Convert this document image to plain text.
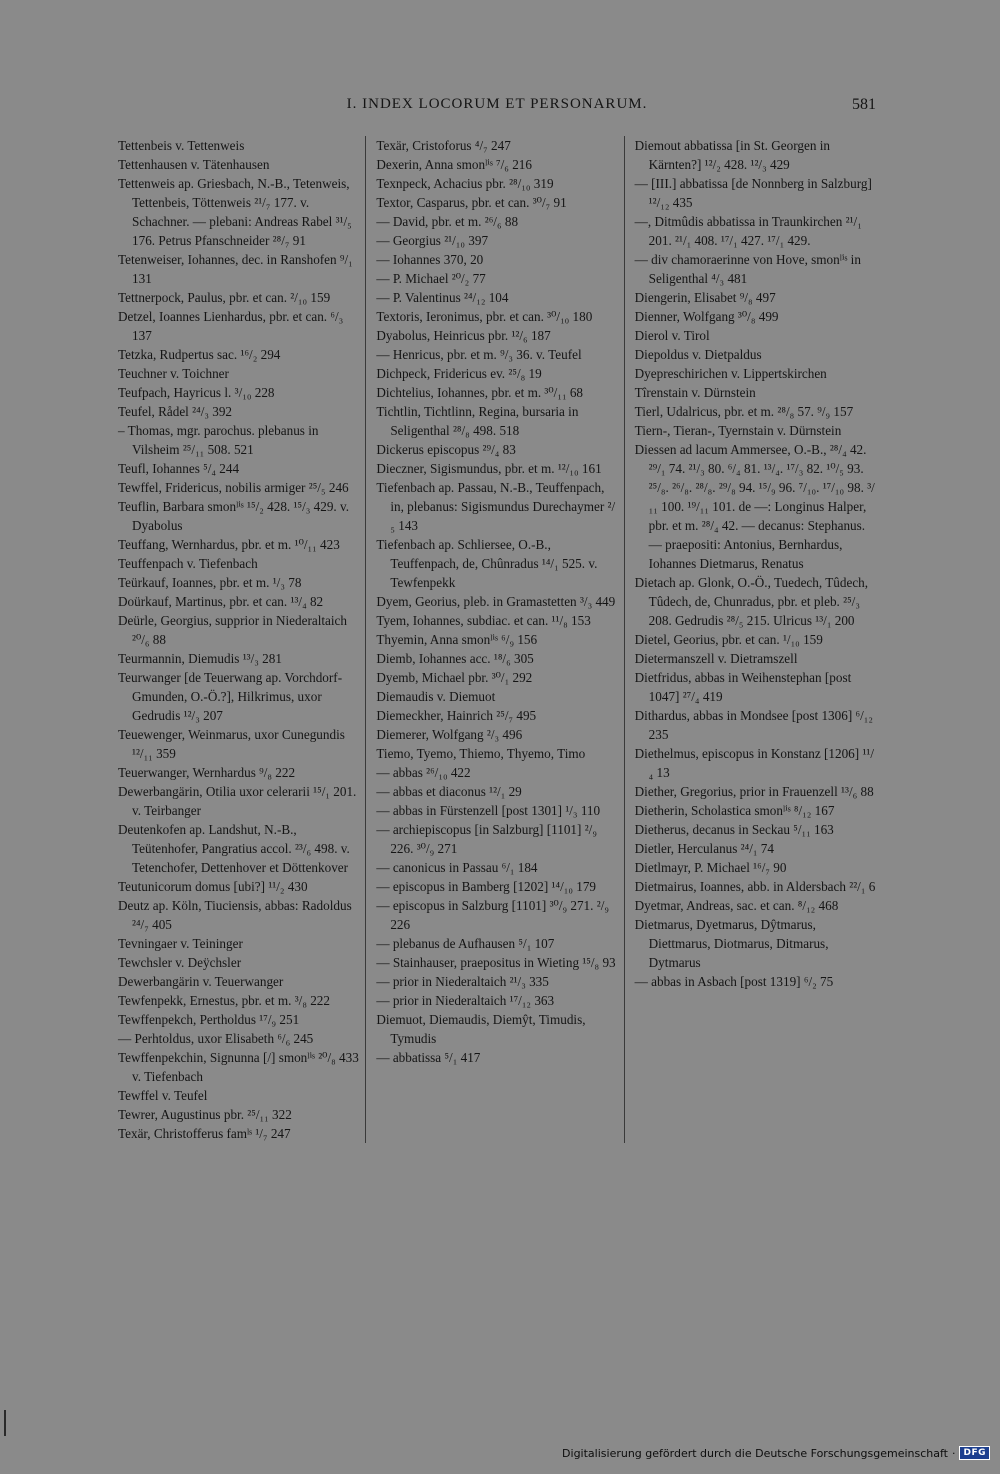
I. INDEX LOCORUM ET PERSONARUM.	581

Tettenbeis v. Tettenweis

Tettenhausen v. Tätenhausen

Tettenweis ap. Griesbach, N.-B., Tetenweis, Tettenbeis, Töttenweis ²¹/₇ 177. v. Schachner. — plebani: Andreas Rabel ³¹/₅ 176. Petrus Pfanschneider ²⁸/₇ 91

Tetenweiser, Iohannes, dec. in Ranshofen ⁹/₁ 131

Tettnerpock, Paulus, pbr. et can. ²/₁₀ 159

Detzel, Ioannes Lienhardus, pbr. et can. ⁶/₃ 137

Tetzka, Rudpertus sac. ¹⁶/₂ 294

Teuchner v. Toichner

Teufpach, Hayricus l. ³/₁₀ 228

Teufel, Rådel ²⁴/₃ 392

– Thomas, mgr. parochus. plebanus in Vilsheim ²⁵/₁₁ 508. 521

Teufl, Iohannes ⁵/₄ 244

Tewffel, Fridericus, nobilis armiger ²⁵/₅ 246

Teuflin, Barbara smonˡⁱˢ ¹⁵/₂ 428. ¹⁵/₃ 429. v. Dyabolus

Teuffang, Wernhardus, pbr. et m. ¹⁰/₁₁ 423

Teuffenpach v. Tiefenbach

Teürkauf, Ioannes, pbr. et m. ¹/₃ 78

Doürkauf, Martinus, pbr. et can. ¹³/₄ 82

Deürle, Georgius, supprior in Niederaltaich ²⁰/₆ 88

Teurmannin, Diemudis ¹³/₃ 281

Teurwanger [de Teuerwang ap. Vorchdorf-Gmunden, O.-Ö.?], Hilkrimus, uxor Gedrudis ¹²/₃ 207

Teuewenger, Weinmarus, uxor Cunegundis ¹²/₁₁ 359

Teuerwanger, Wernhardus ⁹/₈ 222

Dewerbangärin, Otilia uxor celerarii ¹⁵/₁ 201. v. Teirbanger

Deutenkofen ap. Landshut, N.-B., Teütenhofer, Pangratius accol. ²³/₆ 498. v. Tetenchofer, Dettenhover et Döttenkover

Teutunicorum domus [ubi?] ¹¹/₂ 430

Deutz ap. Köln, Tiuciensis, abbas: Radoldus ²⁴/₇ 405

Tevningaer v. Teininger

Tewchsler v. Deÿchsler

Dewerbangärin v. Teuerwanger

Tewfenpekk, Ernestus, pbr. et m. ³/₈ 222

Tewffenpekch, Pertholdus ¹⁷/₉ 251

— Perhtoldus, uxor Elisabeth ⁶/₆ 245

Tewffenpekchin, Signunna [/] smonˡⁱˢ ²⁰/₈ 433 v. Tiefenbach

Tewffel v. Teufel

Tewrer, Augustinus pbr. ²⁵/₁₁ 322

Texär, Christofferus famˡˢ ¹/₇ 247

Texär, Cristoforus ⁴/₇ 247

Dexerin, Anna smonˡⁱˢ ⁷/₆ 216

Texnpeck, Achacius pbr. ²⁸/₁₀ 319

Textor, Casparus, pbr. et can. ³⁰/₇ 91

— David, pbr. et m. ²⁶/₆ 88

— Georgius ²¹/₁₀ 397

— Iohannes 370, 20

— P. Michael ²⁰/₂ 77

— P. Valentinus ²⁴/₁₂ 104

Textoris, Ieronimus, pbr. et can. ³⁰/₁₀ 180

Dyabolus, Heinricus pbr. ¹²/₆ 187

— Henricus, pbr. et m. ⁹/₃ 36. v. Teufel

Dichpeck, Fridericus ev. ²⁵/₈ 19

Dichtelius, Iohannes, pbr. et m. ³⁰/₁₁ 68

Tichtlin, Tichtlinn, Regina, bursaria in Seligenthal ²⁸/₈ 498. 518

Dickerus episcopus ²⁹/₄ 83

Dieczner, Sigismundus, pbr. et m. ¹²/₁₀ 161

Tiefenbach ap. Passau, N.-B., Teuffenpach, in, plebanus: Sigismundus Durechaymer ²/₅ 143

Tiefenbach ap. Schliersee, O.-B., Teuffenpach, de, Chûnradus ¹⁴/₁ 525. v. Tewfenpekk

Dyem, Georius, pleb. in Gramastetten ³/₃ 449

Tyem, Iohannes, subdiac. et can. ¹¹/₈ 153

Thyemin, Anna smonˡⁱˢ ⁶/₉ 156

Diemb, Iohannes acc. ¹⁸/₆ 305

Dyemb, Michael pbr. ³⁰/₁ 292

Diemaudis v. Diemuot

Diemeckher, Hainrich ²⁵/₇ 495

Diemerer, Wolfgang ²/₃ 496

Tiemo, Tyemo, Thiemo, Thyemo, Timo

— abbas ²⁶/₁₀ 422

— abbas et diaconus ¹²/₁ 29

— abbas in Fürstenzell [post 1301] ¹/₃ 110

— archiepiscopus [in Salzburg] [1101] ²/₉ 226. ³⁰/₉ 271

— canonicus in Passau ⁶/₁ 184

— episcopus in Bamberg [1202] ¹⁴/₁₀ 179

— episcopus in Salzburg [1101] ³⁰/₉ 271. ²/₉ 226

— plebanus de Aufhausen ⁵/₁ 107

— Stainhauser, praepositus in Wieting ¹⁵/₈ 93

— prior in Niederaltaich ²¹/₃ 335

— prior in Niederaltaich ¹⁷/₁₂ 363

Diemuot, Diemaudis, Diemŷt, Timudis, Tymudis

— abbatissa ⁵/₁ 417

Diemout abbatissa [in St. Georgen in Kärnten?] ¹²/₂ 428. ¹²/₃ 429

— [III.] abbatissa [de Nonnberg in Salzburg] ¹²/₁₂ 435

—, Ditmûdis abbatissa in Traunkirchen ²¹/₁ 201. ²¹/₁ 408. ¹⁷/₁ 427. ¹⁷/₁ 429.

— div chamoraerinne von Hove, smonˡⁱˢ in Seligenthal ⁴/₃ 481

Diengerin, Elisabet ⁹/₈ 497

Dienner, Wolfgang ³⁰/₈ 499

Dierol v. Tirol

Diepoldus v. Dietpaldus

Dyepreschirichen v. Lippertskirchen

Tîrenstain v. Dürnstein

Tierl, Udalricus, pbr. et m. ²⁸/₈ 57. ⁹/₉ 157

Tiern-, Tieran-, Tyernstain v. Dürnstein

Diessen ad lacum Ammersee, O.-B., ²⁸/₄ 42. ²⁹/₁ 74. ²¹/₃ 80. ⁶/₄ 81. ¹³/₄. ¹⁷/₃ 82. ¹⁰/₅ 93. ²⁵/₈. ²⁶/₈. ²⁸/₈. ²⁹/₈ 94. ¹⁵/₉ 96. ⁷/₁₀. ¹⁷/₁₀ 98. ³/₁₁ 100. ¹⁹/₁₁ 101. de —: Longinus Halper, pbr. et m. ²⁸/₄ 42. — decanus: Stephanus. — praepositi: Antonius, Bernhardus, Iohannes Dietmarus, Renatus

Dietach ap. Glonk, O.-Ö., Tuedech, Tûdech, Tûdech, de, Chunradus, pbr. et pleb. ²⁵/₃ 208. Gedrudis ²⁸/₅ 215. Ulricus ¹³/₁ 200

Dietel, Georius, pbr. et can. ¹/₁₀ 159

Dietermanszell v. Dietramszell

Dietfridus, abbas in Weihenstephan [post 1047] ²⁷/₄ 419

Dithardus, abbas in Mondsee [post 1306] ⁶/₁₂ 235

Diethelmus, episcopus in Konstanz [1206] ¹¹/₄ 13

Diether, Gregorius, prior in Frauenzell ¹³/₆ 88

Dietherin, Scholastica smonˡⁱˢ ⁸/₁₂ 167

Dietherus, decanus in Seckau ⁵/₁₁ 163

Dietler, Herculanus ²⁴/₁ 74

Dietlmayr, P. Michael ¹⁶/₇ 90

Dietmairus, Ioannes, abb. in Aldersbach ²²/₁ 6

Dyetmar, Andreas, sac. et can. ⁸/₁₂ 468

Dietmarus, Dyetmarus, Dŷtmarus, Diettmarus, Diotmarus, Ditmarus, Dytmarus

— abbas in Asbach [post 1319] ⁶/₂ 75

Digitalisierung gefördert durch die Deutsche Forschungsgemeinschaft · DFG
